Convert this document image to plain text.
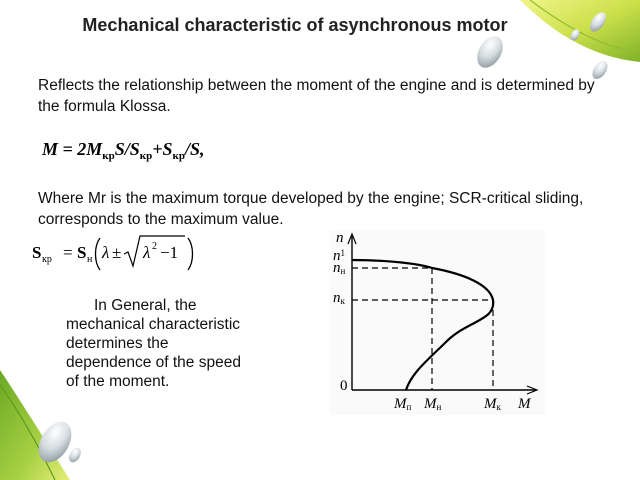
Mechanical characteristic of asynchronous motor
Reflects the relationship between the moment of the engine and is determined by the formula Klossa.
$M = 2M_{кр}S/S_{кр}+S_{кр}/S$,
Where Mr is the maximum torque developed by the engine; SCR-critical sliding, corresponds to the maximum value.
S кр = S н λ ± λ 2 −1
In General, the mechanical characteristic determines the dependence of the speed of the moment.
n
$n^1$
nн
nк
0
Mп Mн	Mк M
